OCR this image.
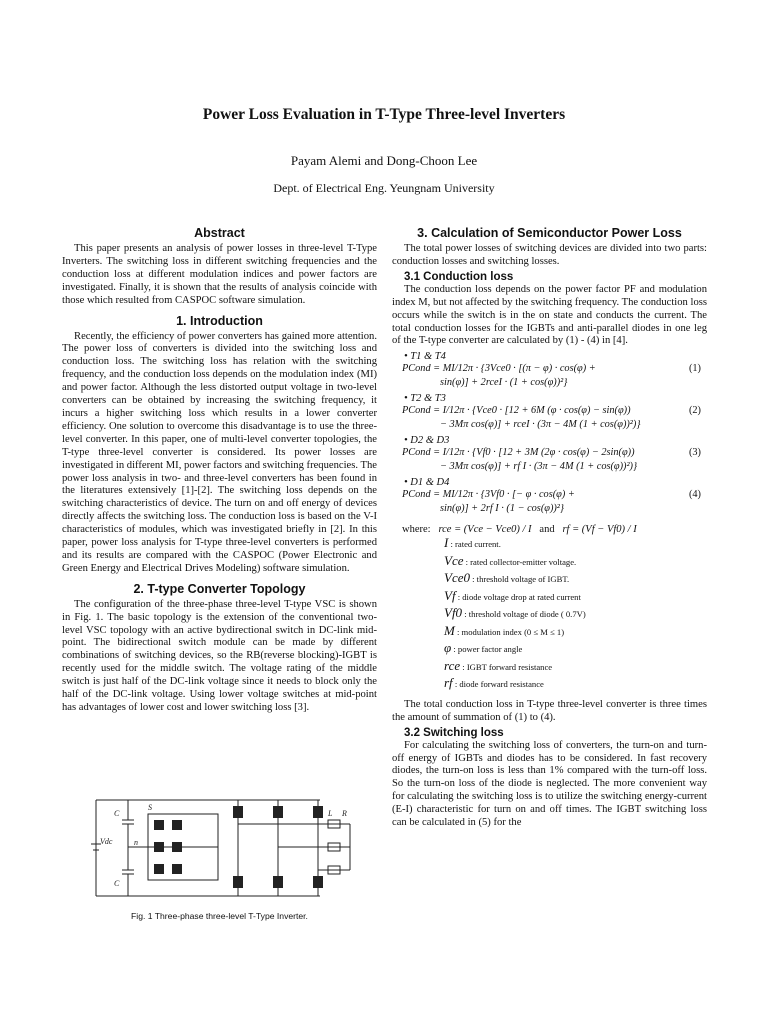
Power Loss Evaluation in T-Type Three-level Inverters
Payam Alemi and Dong-Choon Lee
Dept. of Electrical Eng. Yeungnam University
Abstract

This paper presents an analysis of power losses in three-level T-Type Inverters. The switching loss in different switching frequencies and the conduction loss at different modulation indices and power factors are investigated. Finally, it is shown that the results of analysis coincide with those which resulted from CASPOC software simulation.

1. Introduction

Recently, the efficiency of power converters has gained more attention. The power loss of converters is divided into the switching loss and conduction loss. The switching loss has relation with the switching frequency, and the conduction loss depends on the modulation index (MI) and power factor. Although the less distorted output voltage in two-level converters can be obtained by increasing the switching frequency, it incurs a higher switching loss which results in a lower converter efficiency. One solution to overcome this disadvantage is to use the three-level converter. In this paper, one of multi-level converter topologies, the T-type three-level converter is considered. Its power losses are investigated in different MI, power factors and switching frequencies. The power loss analysis in two- and three-level converters has been found in the literatures extensively [1]-[2]. The switching loss depends on the switching characteristics of device. The turn on and off energy of devices directly affects the switching loss. The conduction loss is based on the V-I characteristics of modules, which was investigated briefly in [2]. In this paper, power loss analysis for T-type three-level converters is performed and its results are compared with the CASPOC (Power Electronic and Green Energy and Electrical Drives Modeling) software simulation.

2. T-type Converter Topology

The configuration of the three-phase three-level T-type VSC is shown in Fig. 1. The basic topology is the extension of the conventional two-level VSC topology with an active bydirectional switch in DC-link mid-point. The bidirectional switch module can be made by different combinations of switching devices, so the RB(reverse blocking)-IGBT is recently used for the middle switch. The voltage rating of the middle switch is just half of the DC-link voltage since it needs to block only the half of the DC-link voltage. Using lower voltage switches at mid-point has advantages of lower cost and lower switching loss [3].

Vdc
C
C
n
S
L R
Fig. 1 Three-phase three-level T-Type Inverter.
3. Calculation of Semiconductor Power Loss

The total power losses of switching devices are divided into two parts: conduction losses and switching losses.

3.1 Conduction loss

The conduction loss depends on the power factor PF and modulation index M, but not affected by the switching frequency. The conduction loss occurs while the switch is in the on state and conducts the current. The total conduction losses for the IGBTs and anti-parallel diodes in one leg of the T-type converter are calculated by (1) - (4) in [4].

• T1 & T4
PCond = MI/12π · {3Vce0 · [(π − φ) · cos(φ) +	(1)
sin(φ)] + 2rceI · (1 + cos(φ))²}
• T2 & T3
PCond = I/12π · {Vce0 · [12 + 6M (φ · cos(φ) − sin(φ))	(2)
− 3Mπ cos(φ)] + rceI · (3π − 4M (1 + cos(φ))²)}
• D2 & D3
PCond = I/12π · {Vf0 · [12 + 3M (2φ · cos(φ) − 2sin(φ))	(3)
− 3Mπ cos(φ)] + rf I · (3π − 4M (1 + cos(φ))²)}
• D1 & D4
PCond = MI/12π · {3Vf0 · [− φ · cos(φ) +	(4)
sin(φ)] + 2rf I · (1 − cos(φ))²}
where: rce = (Vce − Vce0) / I and rf = (Vf − Vf0) / I
I : rated current.
Vce : rated collector-emitter voltage.
Vce0 : threshold voltage of IGBT.
Vf : diode voltage drop at rated current
Vf0 : threshold voltage of diode ( 0.7V)
M : modulation index (0 ≤ M ≤ 1)
φ : power factor angle
rce : IGBT forward resistance
rf : diode forward resistance

The total conduction loss in T-type three-level converter is three times the amount of summation of (1) to (4).

3.2 Switching loss

For calculating the switching loss of converters, the turn-on and turn-off energy of IGBTs and diodes has to be considered. In fast recovery diodes, the turn-on loss is less than 1% compared with the turn-off loss. So the turn-on loss of the diode is neglected. The more convenient way for calculating the switching loss is to utilize the switching energy-current (E-I) characteristic for turn on and off times. The IGBT switching loss can be calculated in (5) for the
